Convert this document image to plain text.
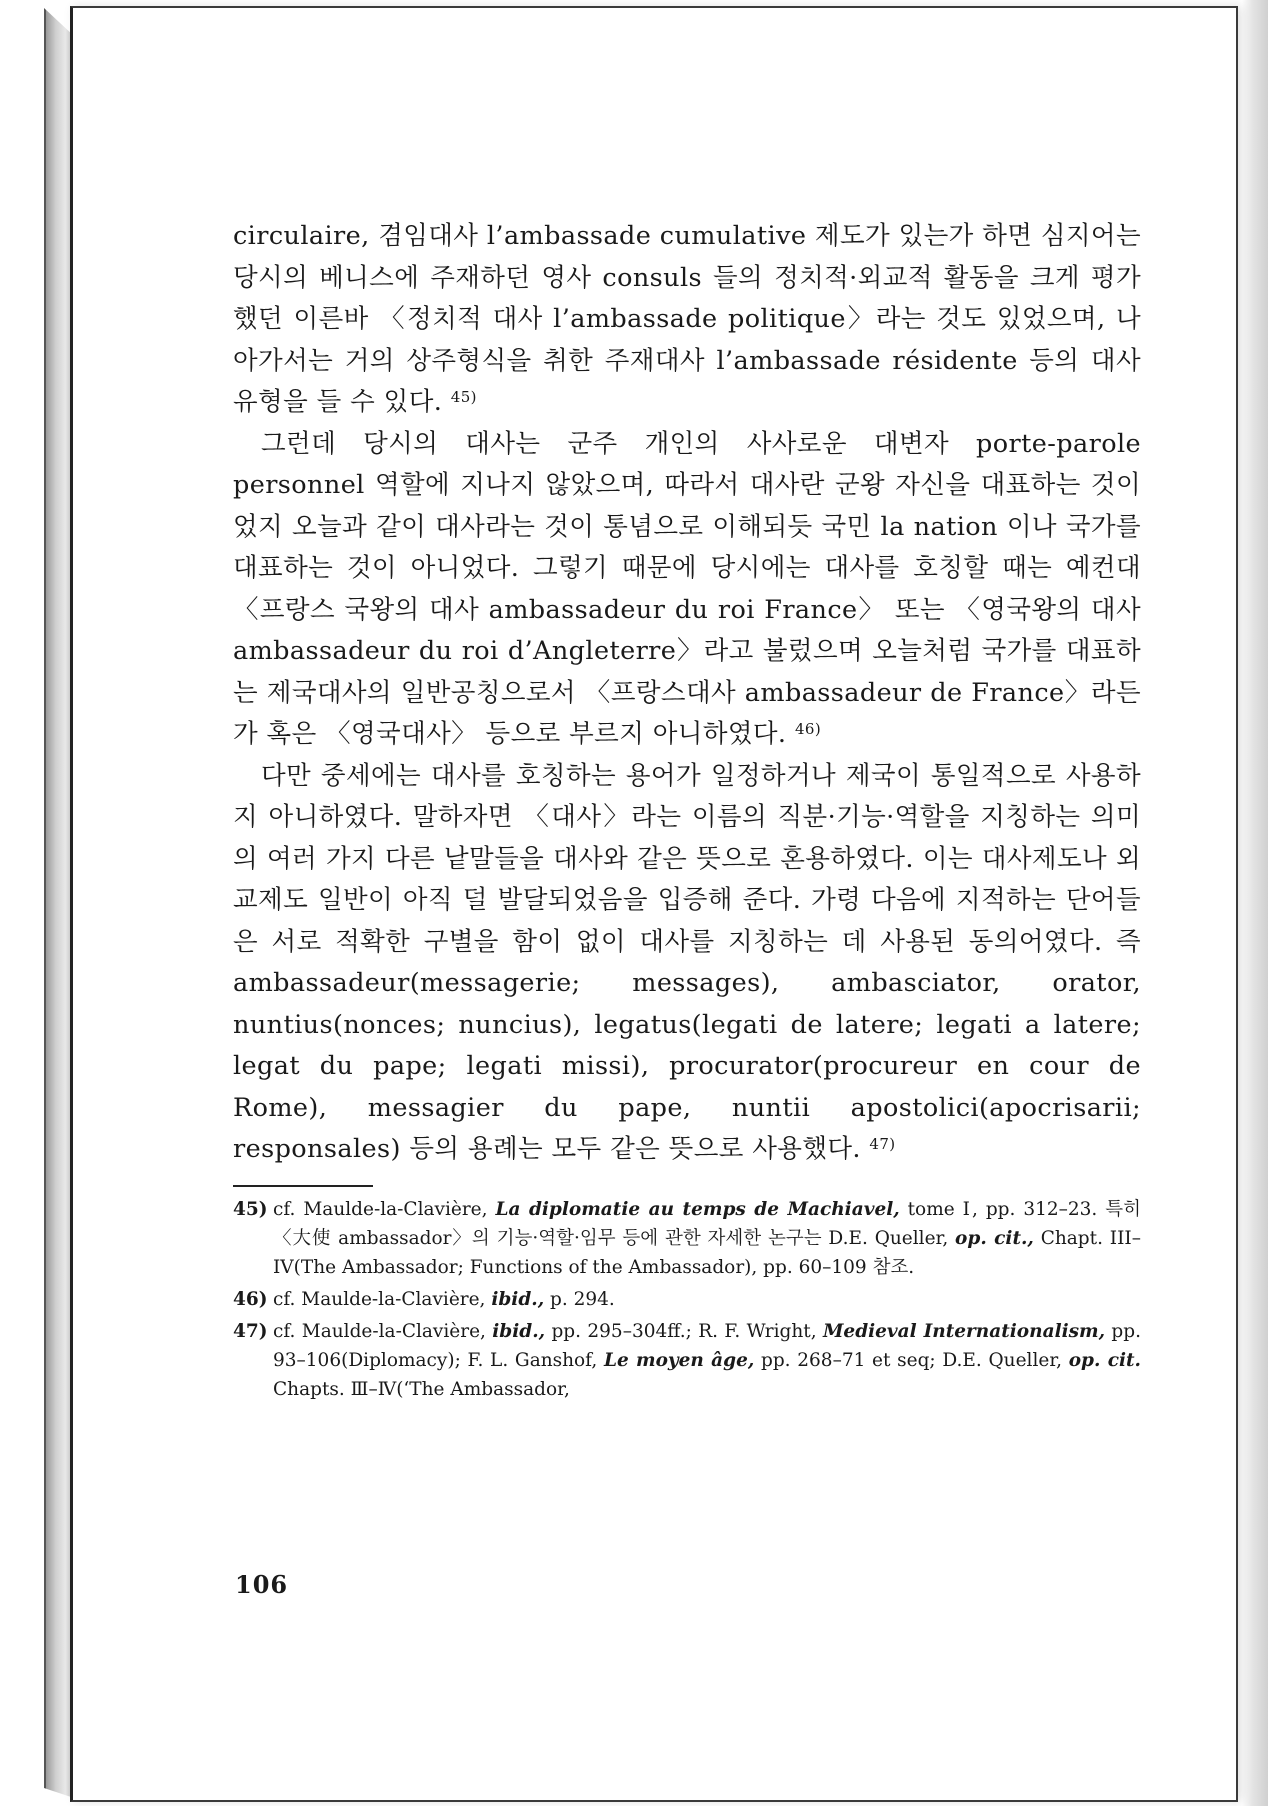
circulaire, 겸임대사 l’ambassade cumulative 제도가 있는가 하면 심지어는 당시의 베니스에 주재하던 영사 consuls 들의 정치적·외교적 활동을 크게 평가했던 이른바 〈정치적 대사 l’ambassade politique〉라는 것도 있었으며, 나아가서는 거의 상주형식을 취한 주재대사 l’ambassade résidente 등의 대사유형을 들 수 있다. $^{45)}$

그런데 당시의 대사는 군주 개인의 사사로운 대변자 porte-parole personnel 역할에 지나지 않았으며, 따라서 대사란 군왕 자신을 대표하는 것이었지 오늘과 같이 대사라는 것이 통념으로 이해되듯 국민 la nation 이나 국가를 대표하는 것이 아니었다. 그렇기 때문에 당시에는 대사를 호칭할 때는 예컨대 〈프랑스 국왕의 대사 ambassadeur du roi France〉 또는 〈영국왕의 대사 ambassadeur du roi d’Angleterre〉라고 불렀으며 오늘처럼 국가를 대표하는 제국대사의 일반공칭으로서 〈프랑스대사 ambassadeur de France〉라든가 혹은 〈영국대사〉 등으로 부르지 아니하였다. $^{46)}$

다만 중세에는 대사를 호칭하는 용어가 일정하거나 제국이 통일적으로 사용하지 아니하였다. 말하자면 〈대사〉라는 이름의 직분·기능·역할을 지칭하는 의미의 여러 가지 다른 낱말들을 대사와 같은 뜻으로 혼용하였다. 이는 대사제도나 외교제도 일반이 아직 덜 발달되었음을 입증해 준다. 가령 다음에 지적하는 단어들은 서로 적확한 구별을 함이 없이 대사를 지칭하는 데 사용된 동의어였다. 즉 ambassadeur(messagerie; messages), ambasciator, orator, nuntius(nonces; nuncius), legatus(legati de latere; legati a latere; legat du pape; legati missi), procurator(procureur en cour de Rome), messagier du pape, nuntii apostolici(apocrisarii; responsales) 등의 용례는 모두 같은 뜻으로 사용했다. $^{47)}$

45) cf. Maulde-la-Clavière, La diplomatie au temps de Machiavel, tome Ⅰ, pp. 312–23. 특히 〈大使 ambassador〉의 기능·역할·임무 등에 관한 자세한 논구는 D.E. Queller, op. cit., Chapt. III–IV(The Ambassador; Functions of the Ambassador), pp. 60–109 참조.

46) cf. Maulde-la-Clavière, ibid., p. 294.

47) cf. Maulde-la-Clavière, ibid., pp. 295–304ff.; R. F. Wright, Medieval Internationalism, pp. 93–106(Diplomacy); F. L. Ganshof, Le moyen âge, pp. 268–71 et seq; D.E. Queller, op. cit. Chapts. Ⅲ–Ⅳ(‘The Ambassador,

106
